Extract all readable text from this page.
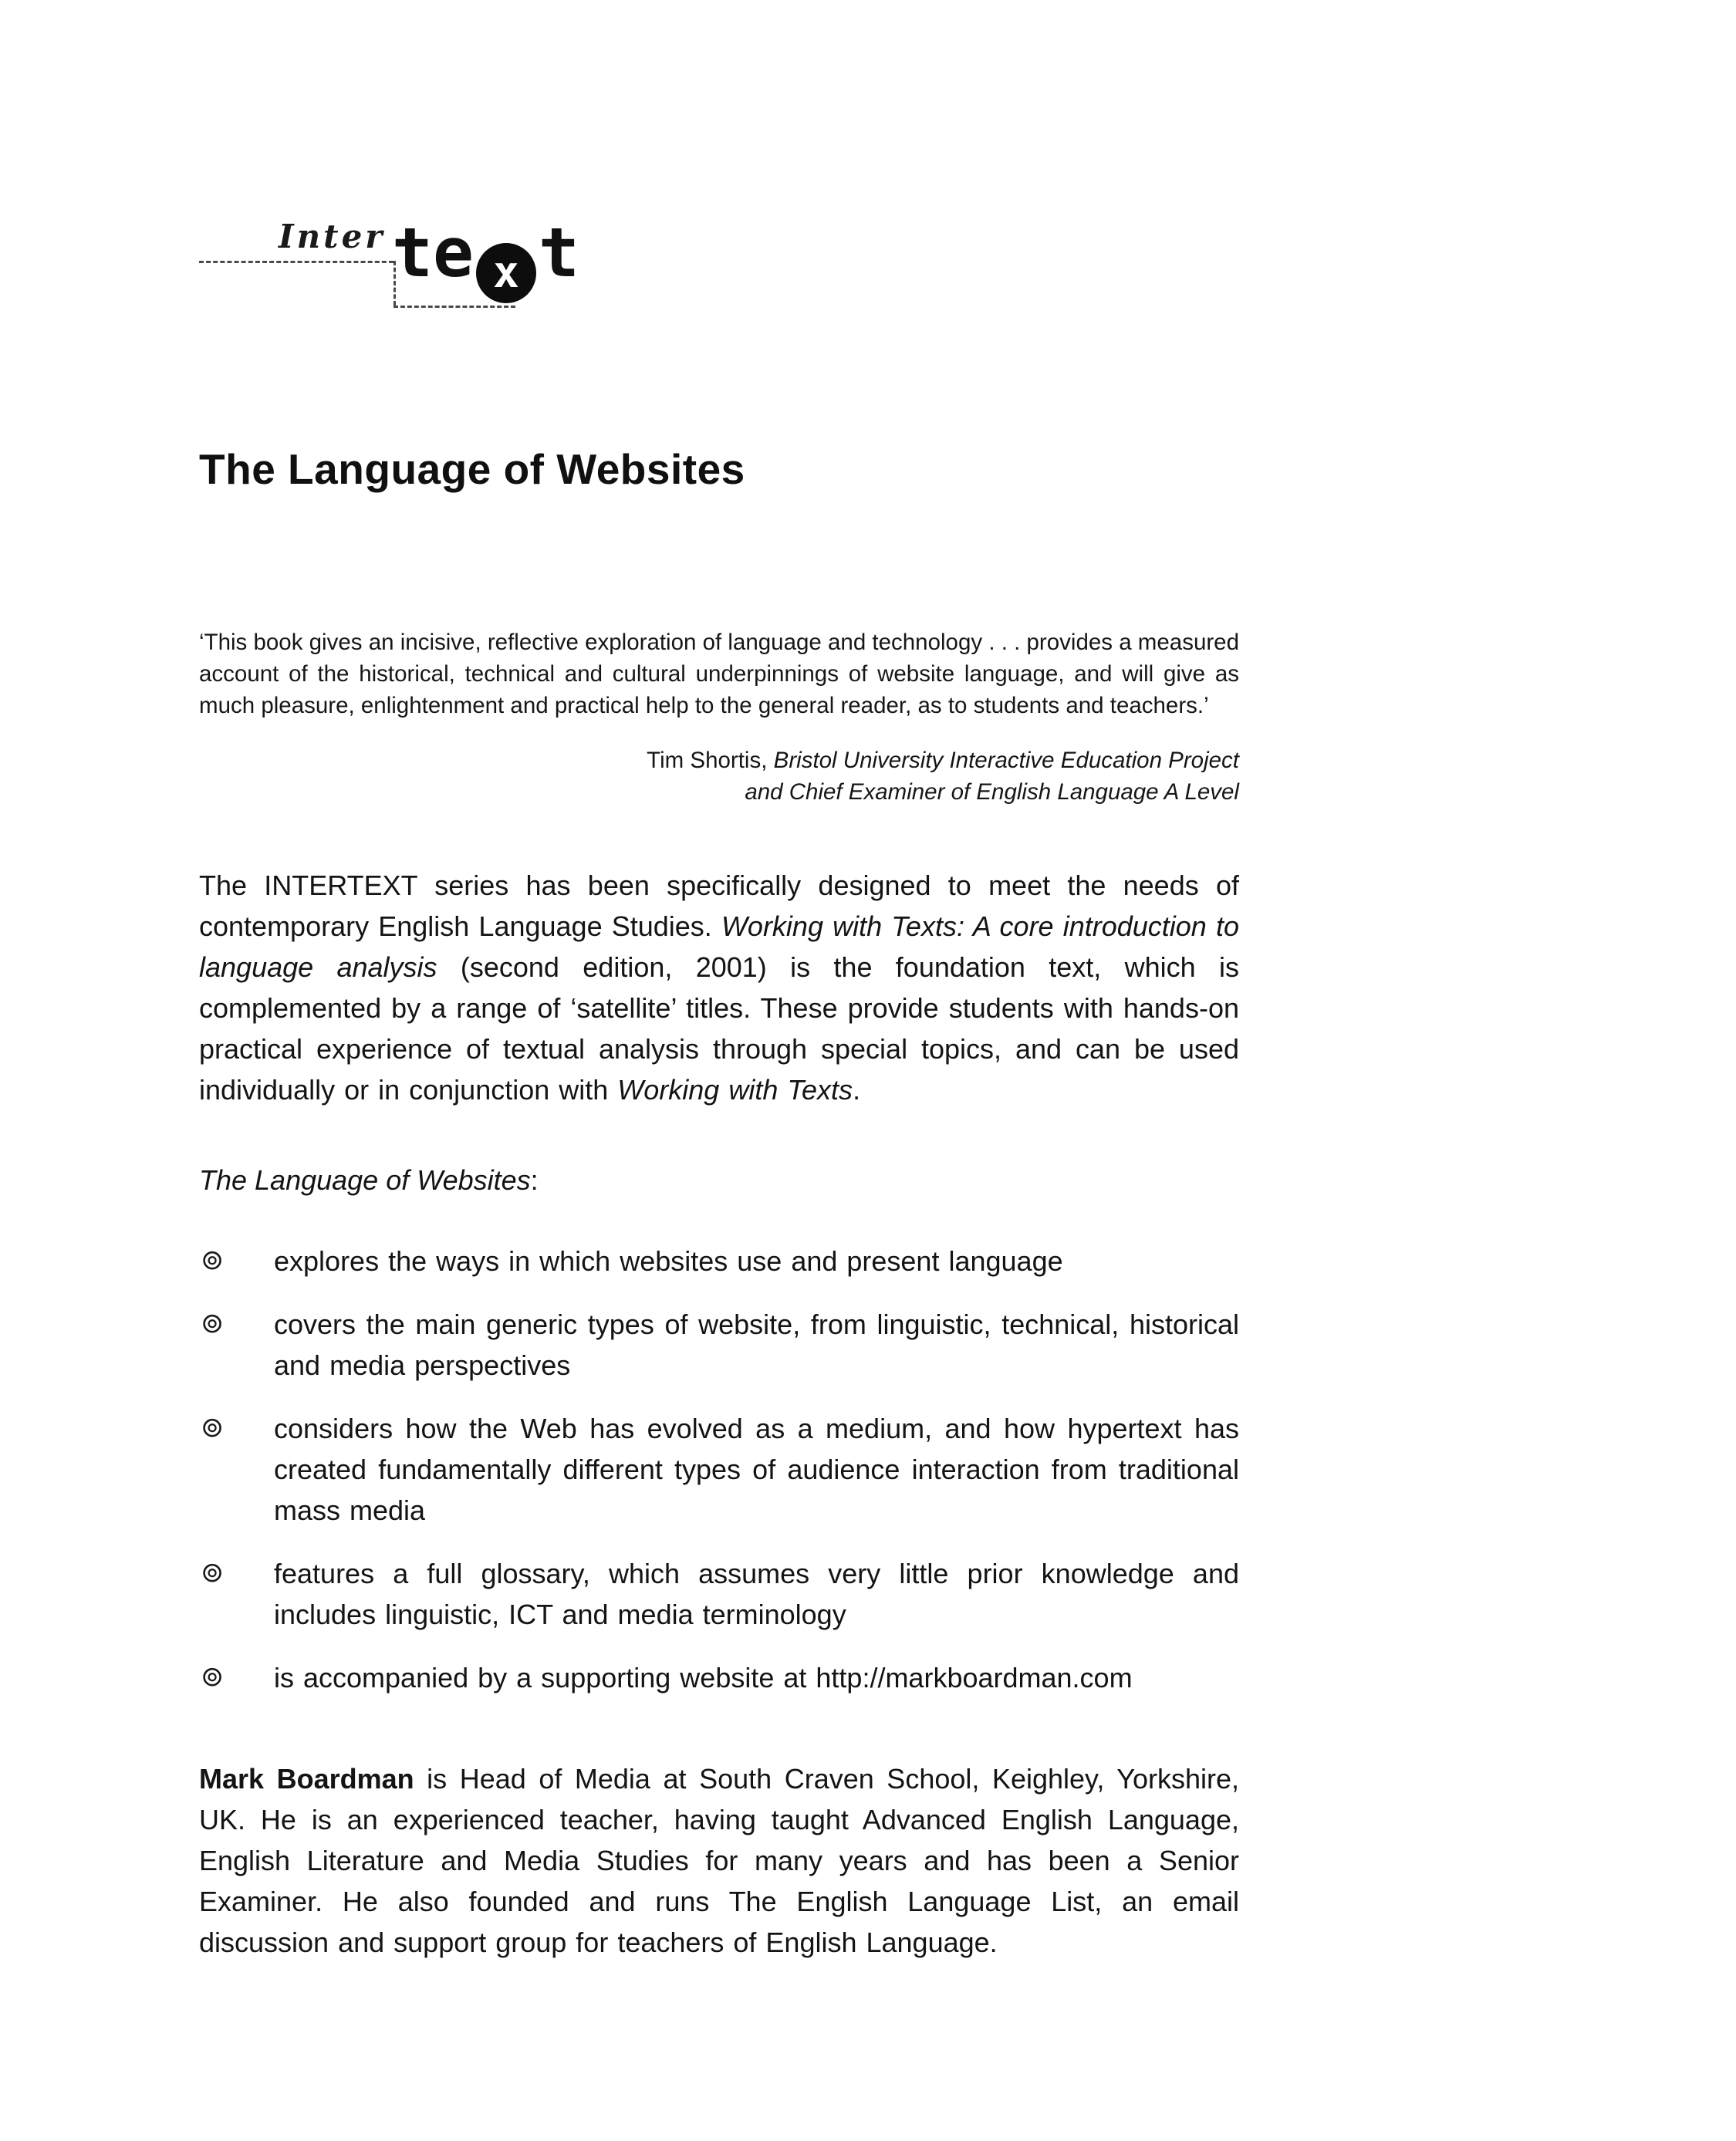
Inter te x t
The Language of Websites

‘This book gives an incisive, reflective exploration of language and technology . . . provides a measured account of the historical, technical and cultural underpinnings of website language, and will give as much pleasure, enlightenment and practical help to the general reader, as to students and teachers.’

Tim Shortis, Bristol University Interactive Education Project
and Chief Examiner of English Language A Level

The INTERTEXT series has been specifically designed to meet the needs of contemporary English Language Studies. Working with Texts: A core introduction to language analysis (second edition, 2001) is the foundation text, which is complemented by a range of ‘satellite’ titles. These provide students with hands-on practical experience of textual analysis through special topics, and can be used individually or in conjunction with Working with Texts.

The Language of Websites:

⊚ explores the ways in which websites use and present language
⊚ covers the main generic types of website, from linguistic, technical, historical and media perspectives
⊚ considers how the Web has evolved as a medium, and how hypertext has created fundamentally different types of audience interaction from traditional mass media
⊚ features a full glossary, which assumes very little prior knowledge and includes linguistic, ICT and media terminology
⊚ is accompanied by a supporting website at http://markboardman.com

Mark Boardman is Head of Media at South Craven School, Keighley, Yorkshire, UK. He is an experienced teacher, having taught Advanced English Language, English Literature and Media Studies for many years and has been a Senior Examiner. He also founded and runs The English Language List, an email discussion and support group for teachers of English Language.
